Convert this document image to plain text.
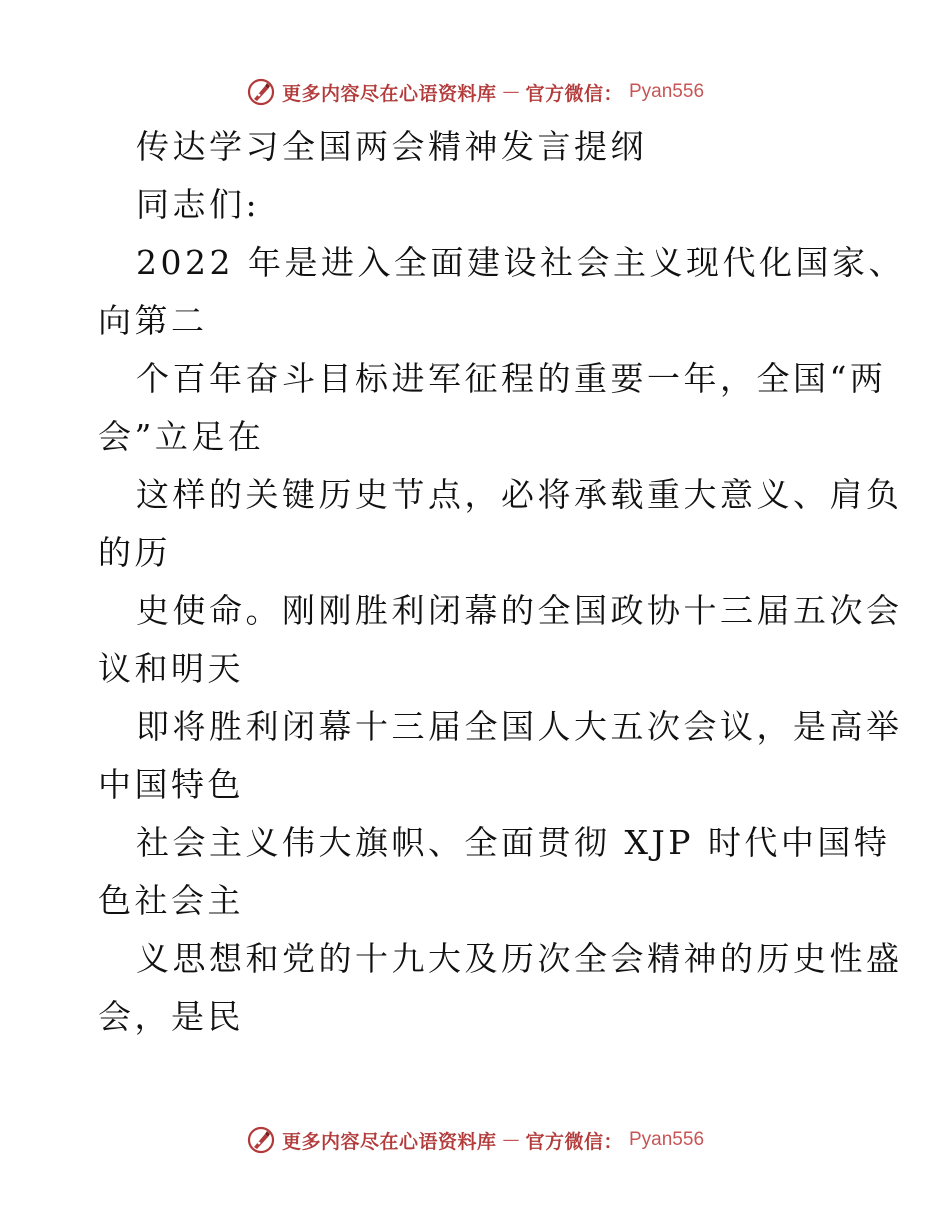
更多内容尽在心语资料库 — 官方微信： Pyan556
传达学习全国两会精神发言提纲
同志们:
2022 年是进入全面建设社会主义现代化国家、
向第二
个百年奋斗目标进军征程的重要一年，全国“两
会”立足在
这样的关键历史节点，必将承载重大意义、肩负
的历
史使命。刚刚胜利闭幕的全国政协十三届五次会
议和明天
即将胜利闭幕十三届全国人大五次会议，是高举
中国特色
社会主义伟大旗帜、全面贯彻 XJP 时代中国特
色社会主
义思想和党的十九大及历次全会精神的历史性盛
会，是民
更多内容尽在心语资料库 — 官方微信： Pyan556
